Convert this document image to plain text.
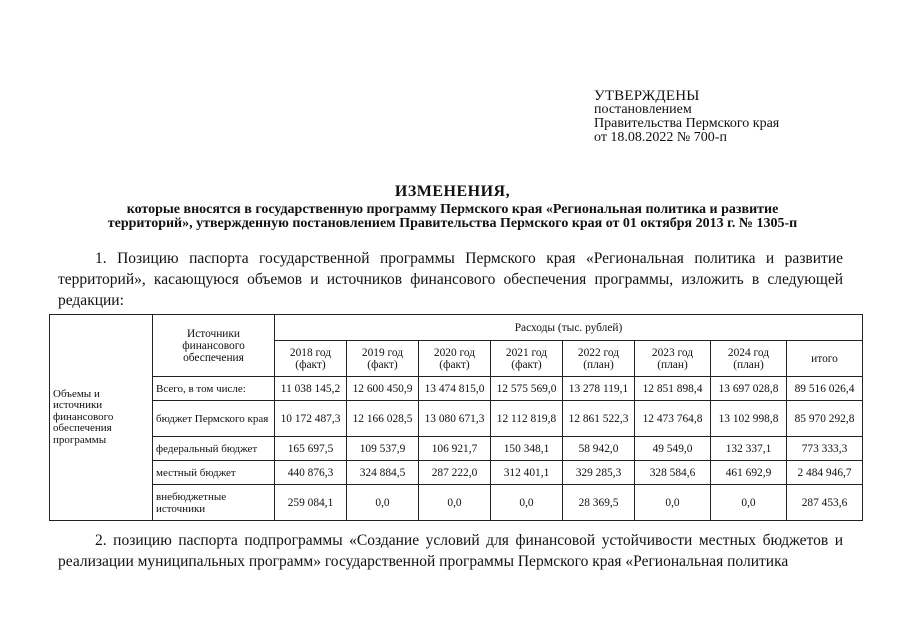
УТВЕРЖДЕНЫ
постановлением
Правительства Пермского края
от 18.08.2022 № 700-п
ИЗМЕНЕНИЯ,
которые вносятся в государственную программу Пермского края «Региональная политика и развитие
территорий», утвержденную постановлением Правительства Пермского края от 01 октября 2013 г. № 1305-п
1. Позицию паспорта государственной программы Пермского края «Региональная политика и развитие территорий», касающуюся объемов и источников финансового обеспечения программы, изложить в следующей редакции:
Объемы и источники финансового обеспечения программы	Источники финансового обеспечения	Расходы (тыс. рублей)							
		2018 год (факт)	2019 год (факт)	2020 год (факт)	2021 год (факт)	2022 год (план)	2023 год (план)	2024 год (план)	итого
	Всего, в том числе:	11 038 145,2	12 600 450,9	13 474 815,0	12 575 569,0	13 278 119,1	12 851 898,4	13 697 028,8	89 516 026,4
	бюджет Пермского края	10 172 487,3	12 166 028,5	13 080 671,3	12 112 819,8	12 861 522,3	12 473 764,8	13 102 998,8	85 970 292,8
	федеральный бюджет	165 697,5	109 537,9	106 921,7	150 348,1	58 942,0	49 549,0	132 337,1	773 333,3
	местный бюджет	440 876,3	324 884,5	287 222,0	312 401,1	329 285,3	328 584,6	461 692,9	2 484 946,7
	внебюджетные источники	259 084,1	0,0	0,0	0,0	28 369,5	0,0	0,0	287 453,6
2. позицию паспорта подпрограммы «Создание условий для финансовой устойчивости местных бюджетов и реализации муниципальных программ» государственной программы Пермского края «Региональная политика
